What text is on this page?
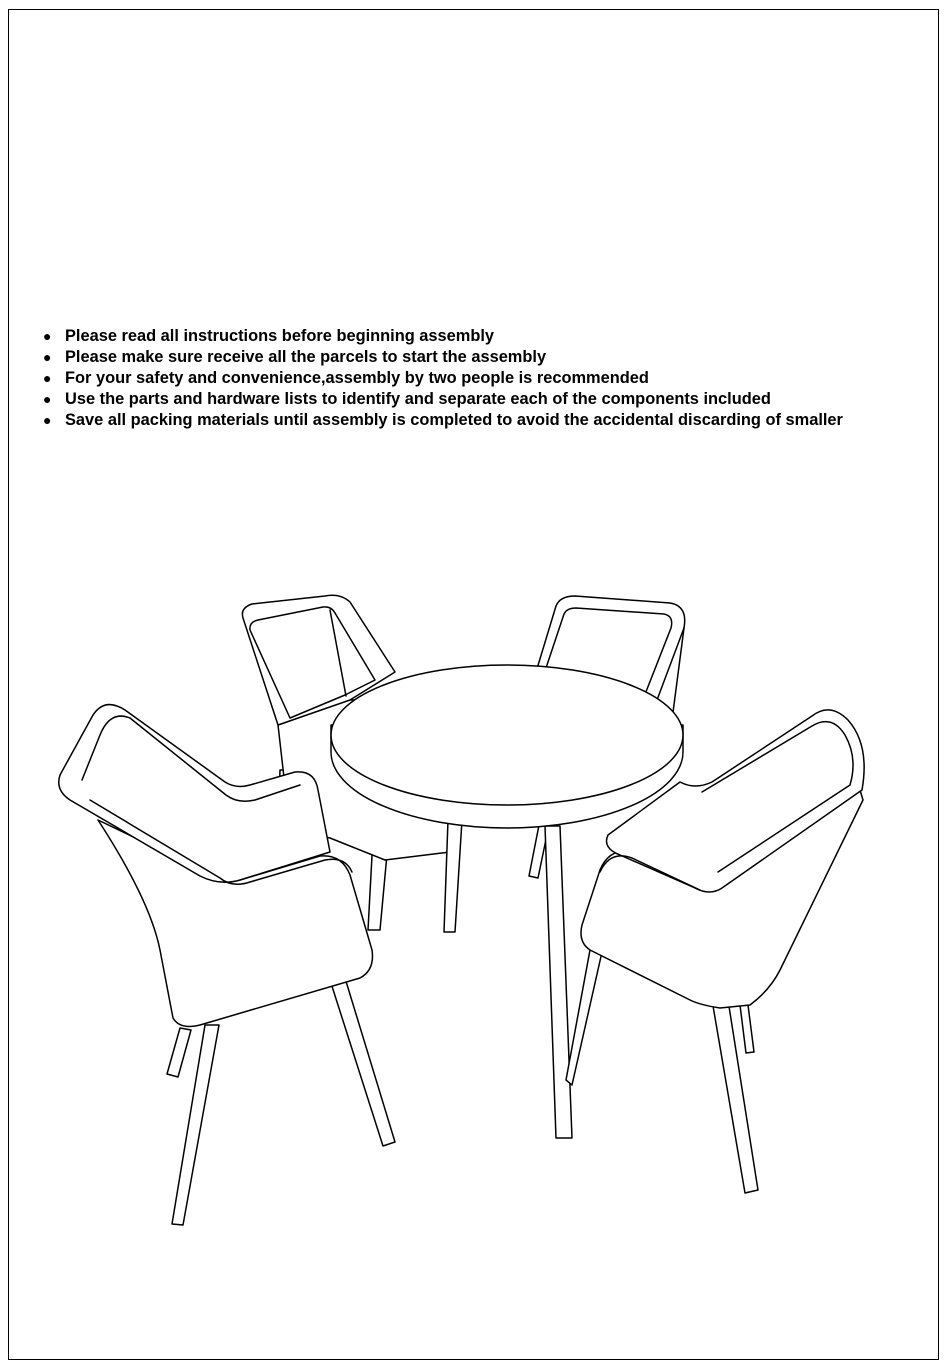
● Please read all instructions before beginning assembly
● Please make sure receive all the parcels to start the assembly
● For your safety and convenience,assembly by two people is recommended
● Use the parts and hardware lists to identify and separate each of the components included
● Save all packing materials until assembly is completed to avoid the accidental discarding of smaller
